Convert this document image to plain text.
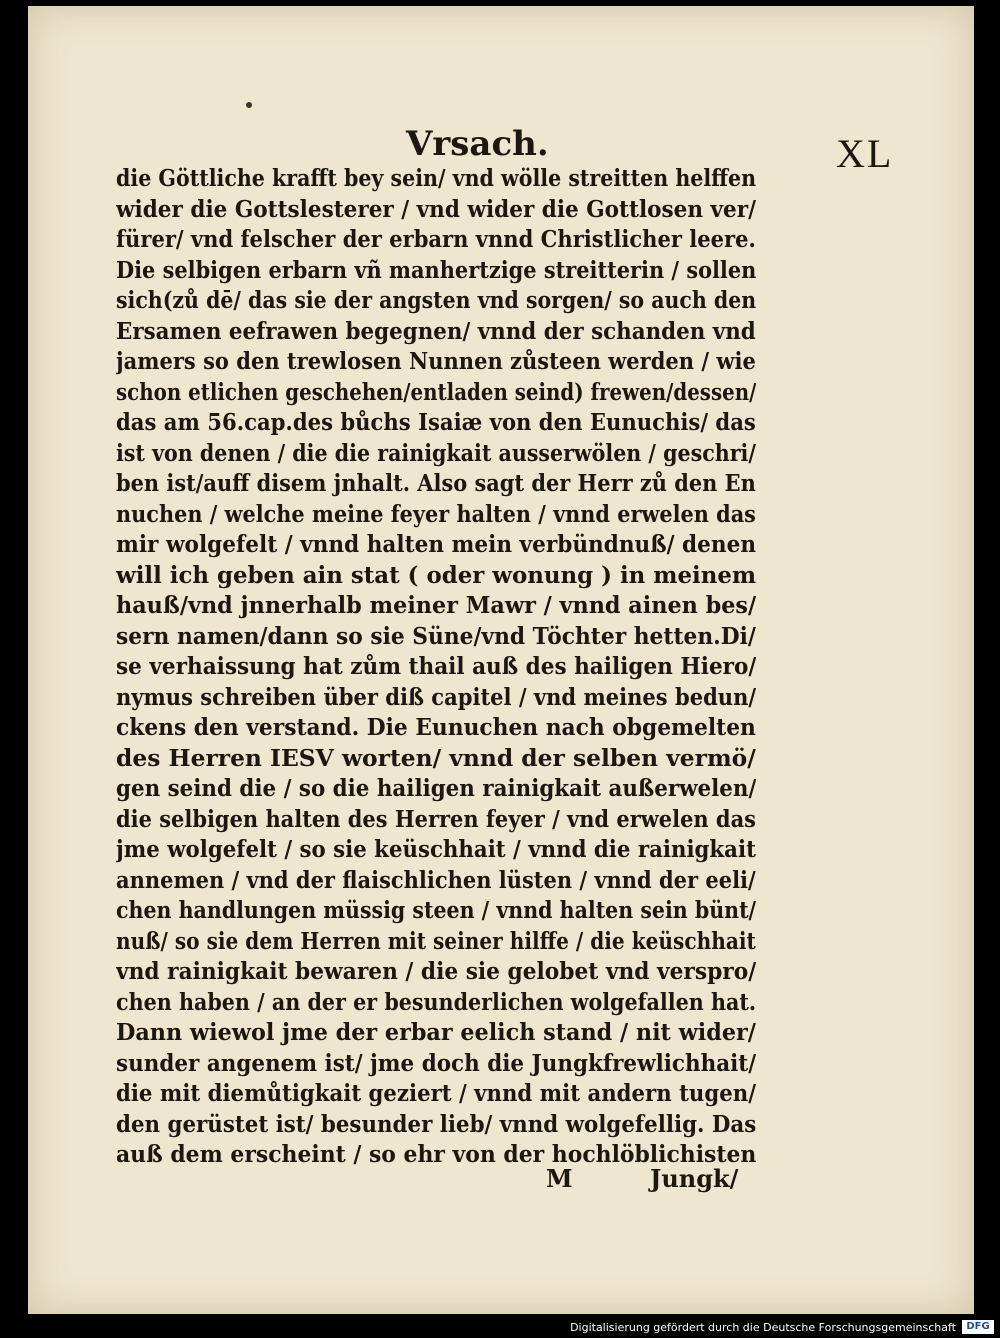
Vrsach.	XL
die Göttliche krafft bey sein/ vnd wölle streitten helffen
wider die Gottslesterer / vnd wider die Gottlosen ver/
fürer/ vnd felscher der erbarn vnnd Christlicher leere.
Die selbigen erbarn vñ manhertzige streitterin / sollen
sich(zů dē/ das sie der angsten vnd sorgen/ so auch den
Ersamen eefrawen begegnen/ vnnd der schanden vnd
jamers so den trewlosen Nunnen zůsteen werden / wie
schon etlichen geschehen/entladen seind) frewen/dessen/
das am 56.cap.des bůchs Isaiæ von den Eunuchis/ das
ist von denen / die die rainigkait ausserwölen / geschri/
ben ist/auff disem jnhalt. Also sagt der Herr zů den En
nuchen / welche meine feyer halten / vnnd erwelen das
mir wolgefelt / vnnd halten mein verbündnuß/ denen
will ich geben ain stat ( oder wonung ) in meinem
hauß/vnd jnnerhalb meiner Mawr / vnnd ainen bes/
sern namen/dann so sie Süne/vnd Töchter hetten.Di/
se verhaissung hat zům thail auß des hailigen Hiero/
nymus schreiben über diß capitel / vnd meines bedun/
ckens den verstand. Die Eunuchen nach obgemelten
des Herren IESV worten/ vnnd der selben vermö/
gen seind die / so die hailigen rainigkait außerwelen/
die selbigen halten des Herren feyer / vnd erwelen das
jme wolgefelt / so sie keüschhait / vnnd die rainigkait
annemen / vnd der flaischlichen lüsten / vnnd der eeli/
chen handlungen müssig steen / vnnd halten sein bünt/
nuß/ so sie dem Herren mit seiner hilffe / die keüschhait
vnd rainigkait bewaren / die sie gelobet vnd verspro/
chen haben / an der er besunderlichen wolgefallen hat.
Dann wiewol jme der erbar eelich stand / nit wider/
sunder angenem ist/ jme doch die Jungkfrewlichhait/
die mit diemůtigkait geziert / vnnd mit andern tugen/
den gerüstet ist/ besunder lieb/ vnnd wolgefellig. Das
auß dem erscheint / so ehr von der hochlöblichisten
M	Jungk/
Digitalisierung gefördert durch die Deutsche Forschungsgemeinschaft	DFG
